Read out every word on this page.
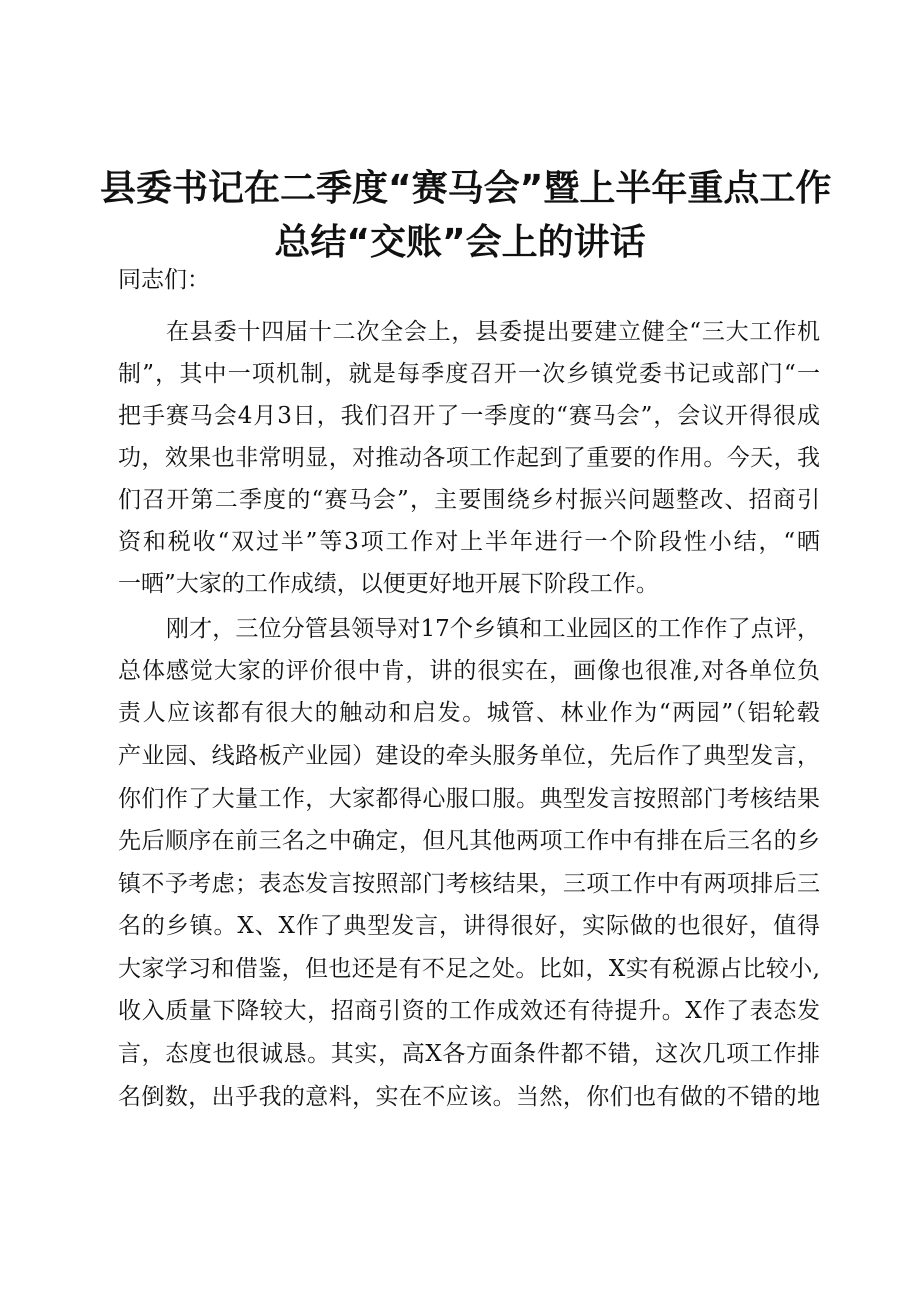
县委书记在二季度“赛马会”暨上半年重点工作
总结“交账”会上的讲话

同志们：

在县委十四届十二次全会上，县委提出要建立健全“三大工作机

制”，其中一项机制，就是每季度召开一次乡镇党委书记或部门“一

把手赛马会4月3日，我们召开了一季度的“赛马会”，会议开得很成

功，效果也非常明显，对推动各项工作起到了重要的作用。今天，我

们召开第二季度的“赛马会”，主要围绕乡村振兴问题整改、招商引

资和税收“双过半”等3项工作对上半年进行一个阶段性小结，“晒

一晒”大家的工作成绩，以便更好地开展下阶段工作。

刚才，三位分管县领导对17个乡镇和工业园区的工作作了点评，

总体感觉大家的评价很中肯，讲的很实在，画像也很准,对各单位负

责人应该都有很大的触动和启发。城管、林业作为“两园”（铝轮毂

产业园、线路板产业园）建设的牵头服务单位，先后作了典型发言，

你们作了大量工作，大家都得心服口服。典型发言按照部门考核结果

先后顺序在前三名之中确定，但凡其他两项工作中有排在后三名的乡

镇不予考虑；表态发言按照部门考核结果，三项工作中有两项排后三

名的乡镇。X、X作了典型发言，讲得很好，实际做的也很好，值得

大家学习和借鉴，但也还是有不足之处。比如，X实有税源占比较小,

收入质量下降较大，招商引资的工作成效还有待提升。X作了表态发

言，态度也很诚恳。其实，高X各方面条件都不错，这次几项工作排

名倒数，出乎我的意料，实在不应该。当然，你们也有做的不错的地
